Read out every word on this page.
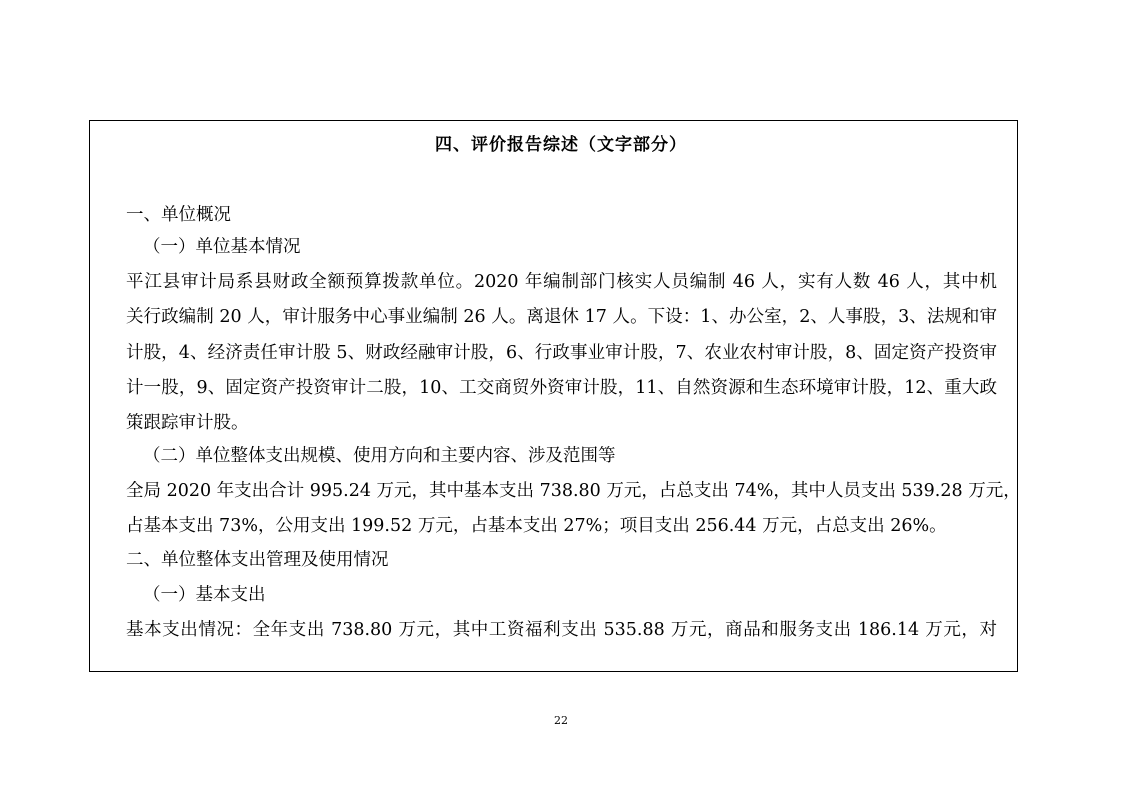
四、评价报告综述（文字部分）
一、单位概况
（一）单位基本情况
平江县审计局系县财政全额预算拨款单位。2020 年编制部门核实人员编制 46 人，实有人数 46 人，其中机
关行政编制 20 人，审计服务中心事业编制 26 人。离退休 17 人。下设：1、办公室，2、人事股，3、法规和审
计股，4、经济责任审计股 5、财政经融审计股，6、行政事业审计股，7、农业农村审计股，8、固定资产投资审
计一股，9、固定资产投资审计二股，10、工交商贸外资审计股，11、自然资源和生态环境审计股，12、重大政
策跟踪审计股。
（二）单位整体支出规模、使用方向和主要内容、涉及范围等
全局 2020 年支出合计 995.24 万元，其中基本支出 738.80 万元，占总支出 74%，其中人员支出 539.28 万元，
占基本支出 73%，公用支出 199.52 万元，占基本支出 27%；项目支出 256.44 万元，占总支出 26%。
二、单位整体支出管理及使用情况
（一）基本支出
基本支出情况：全年支出 738.80 万元，其中工资福利支出 535.88 万元，商品和服务支出 186.14 万元，对
22
